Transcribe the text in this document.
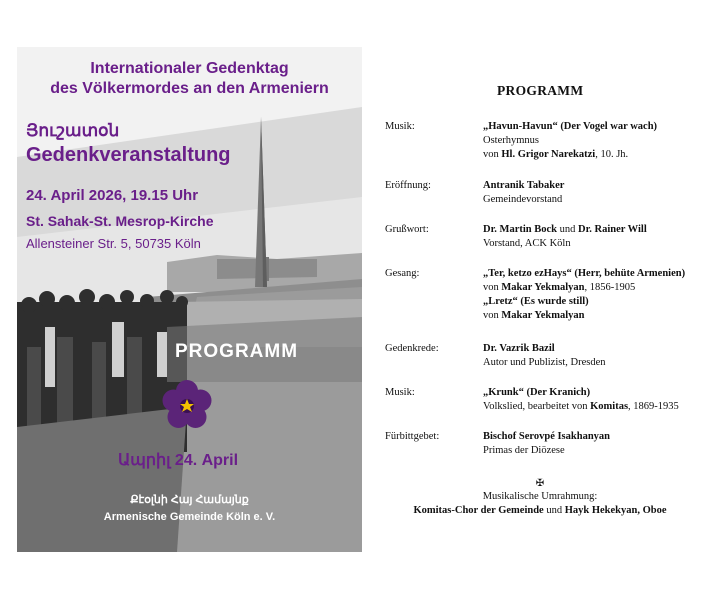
Internationaler Gedenktag
des Völkermordes an den Armeniern
Յուշատօն
Gedenkveranstaltung
24. April 2026, 19.15 Uhr
St. Sahak-St. Mesrop-Kirche
Allensteiner Str. 5, 50735 Köln
PROGRAMM
Ապրիլ 24. April
Քէօլնի Հայ Համայնք
Armenische Gemeinde Köln e. V.
PROGRAMM
Musik:	„Havun-Havun“ (Der Vogel war wach)
Osterhymnus
von Hl. Grigor Narekatzi, 10. Jh.
Eröffnung:	Antranik Tabaker
Gemeindevorstand
Grußwort:	Dr. Martin Bock und Dr. Rainer Will
Vorstand, ACK Köln
Gesang:	„Ter, ketzo ezHays“ (Herr, behüte Armenien)
von Makar Yekmalyan, 1856-1905
„Lretz“ (Es wurde still)
von Makar Yekmalyan
Gedenkrede:	Dr. Vazrik Bazil
Autor und Publizist, Dresden
Musik:	„Krunk“ (Der Kranich)
Volkslied, bearbeitet von Komitas, 1869-1935
Fürbittgebet:	Bischof Serovpé Isakhanyan
Primas der Diözese
✠
Musikalische Umrahmung:
Komitas-Chor der Gemeinde und Hayk Hekekyan, Oboe
